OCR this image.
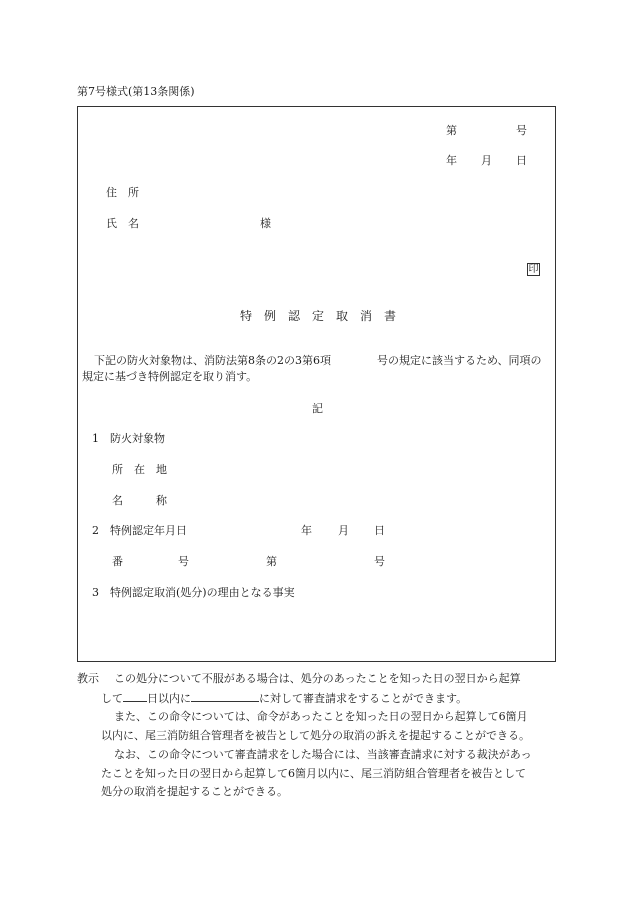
第7号様式(第13条関係)
第	号
年 月 日
住　所
氏　名	様
印
特　例　認　定　取　消　書
下記の防火対象物は、消防法第8条の2の3第6項	号の規定に該当するため、同項の
規定に基づき特例認定を取り消す。
記
1 防火対象物
所　在　地
名　　　称
2 特例認定年月日	年 月 日
番　　　　　号	第	号
3 特例認定取消(処分)の理由となる事実
教示 この処分について不服がある場合は、処分のあったことを知った日の翌日から起算
して 日以内に	に対して審査請求をすることができます。
また、この命令については、命令があったことを知った日の翌日から起算して6箇月
以内に、尾三消防組合管理者を被告として処分の取消の訴えを提起することができる。
なお、この命令について審査請求をした場合には、当該審査請求に対する裁決があっ
たことを知った日の翌日から起算して6箇月以内に、尾三消防組合管理者を被告として
処分の取消を提起することができる。
